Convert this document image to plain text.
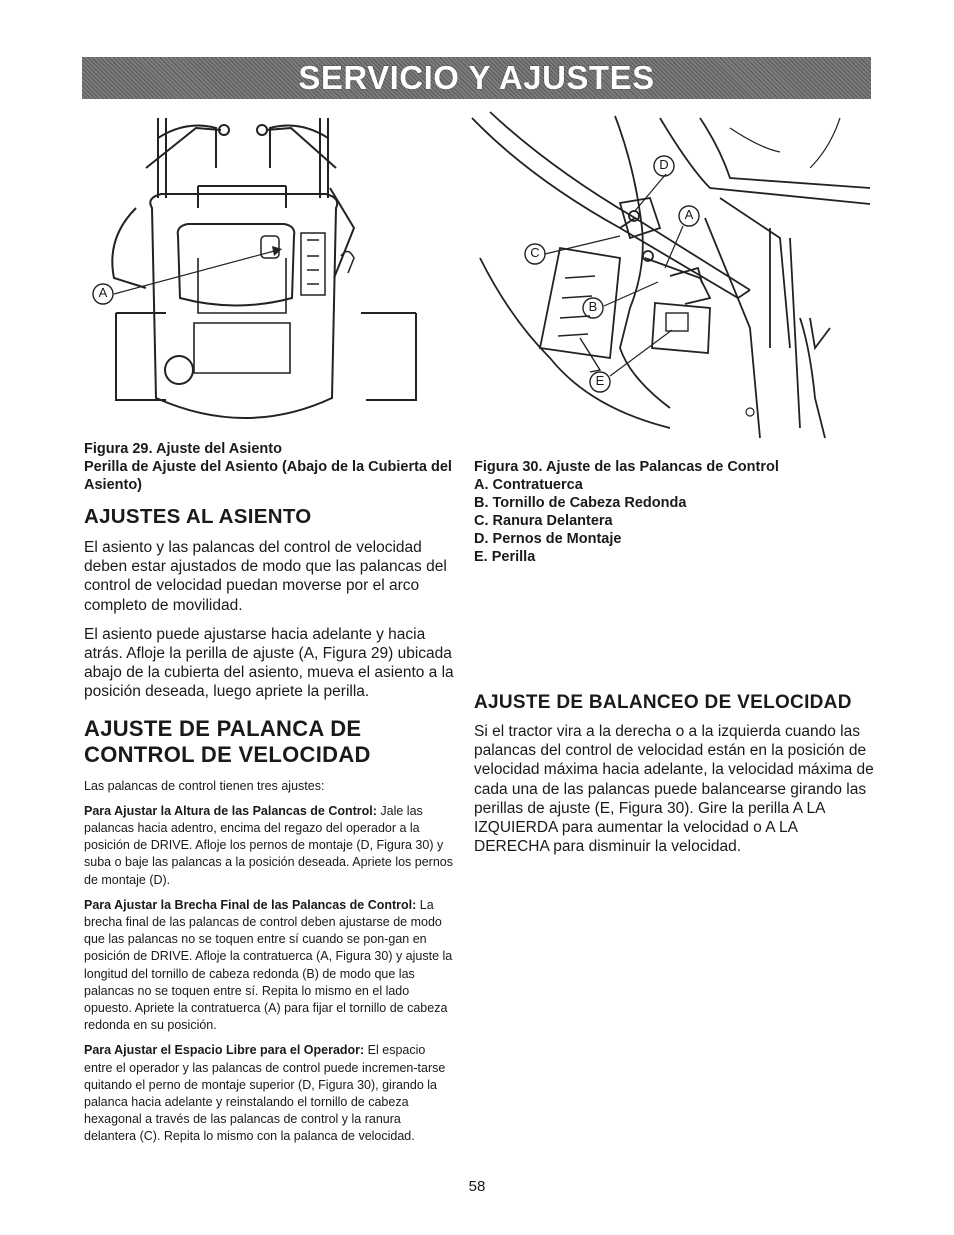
SERVICIO Y AJUSTES
A
D
A
C
B
E

Figura 29. Ajuste del Asiento

Perilla de Ajuste del Asiento (Abajo de la Cubierta del Asiento)

AJUSTES AL ASIENTO

El asiento y las palancas del control de velocidad deben estar ajustados de modo que las palancas del control de velocidad puedan moverse por el arco completo de movilidad.

El asiento puede ajustarse hacia adelante y hacia atrás. Afloje la perilla de ajuste (A, Figura 29) ubicada abajo de la cubierta del asiento, mueva el asiento a la posición deseada, luego apriete la perilla.

AJUSTE DE PALANCA DE CONTROL DE VELOCIDAD

Las palancas de control tienen tres ajustes:

Para Ajustar la Altura de las Palancas de Control: Jale las palancas hacia adentro, encima del regazo del operador a la posición de DRIVE. Afloje los pernos de montaje (D, Figura 30) y suba o baje las palancas a la posición deseada. Apriete los pernos de montaje (D).

Para Ajustar la Brecha Final de las Palancas de Control: La brecha final de las palancas de control deben ajustarse de modo que las palancas no se toquen entre sí cuando se pon-gan en posición de DRIVE. Afloje la contratuerca (A, Figura 30) y ajuste la longitud del tornillo de cabeza redonda (B) de modo que las palancas no se toquen entre sí. Repita lo mismo en el lado opuesto. Apriete la contratuerca (A) para fijar el tornillo de cabeza redonda en su posición.

Para Ajustar el Espacio Libre para el Operador: El espacio entre el operador y las palancas de control puede incremen-tarse quitando el perno de montaje superior (D, Figura 30), girando la palanca hacia adelante y reinstalando el tornillo de cabeza hexagonal a través de las palancas de control y la ranura delantera (C). Repita lo mismo con la palanca de velocidad.

Figura 30. Ajuste de las Palancas de Control

A. Contratuerca
B. Tornillo de Cabeza Redonda
C. Ranura Delantera
D. Pernos de Montaje
E. Perilla
AJUSTE DE BALANCEO DE VELOCIDAD

Si el tractor vira a la derecha o a la izquierda cuando las palancas del control de velocidad están en la posición de velocidad máxima hacia adelante, la velocidad máxima de cada una de las palancas puede balancearse girando las perillas de ajuste (E, Figura 30). Gire la perilla A LA IZQUIERDA para aumentar la velocidad o A LA DERECHA para disminuir la velocidad.

58
